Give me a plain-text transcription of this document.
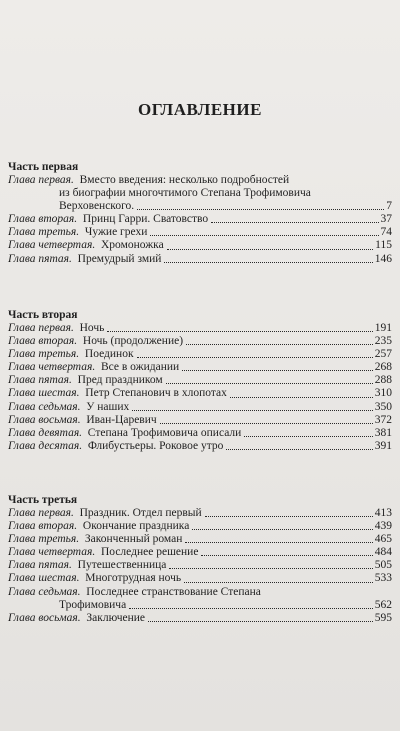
ОГЛАВЛЕНИЕ
Часть первая
Глава первая. Вместо введения: несколько подробностей
из биографии многочтимого Степана Трофимовича
Верховенского.	7
Глава вторая. Принц Гарри. Сватовство	37
Глава третья. Чужие грехи	74
Глава четвертая. Хромоножка	115
Глава пятая. Премудрый змий	146
Часть вторая
Глава первая. Ночь	191
Глава вторая. Ночь (продолжение)	235
Глава третья. Поединок	257
Глава четвертая. Все в ожидании	268
Глава пятая. Пред праздником	288
Глава шестая. Петр Степанович в хлопотах	310
Глава седьмая. У наших	350
Глава восьмая. Иван-Царевич	372
Глава девятая. Степана Трофимовича описали	381
Глава десятая. Флибустьеры. Роковое утро	391
Часть третья
Глава первая. Праздник. Отдел первый	413
Глава вторая. Окончание праздника	439
Глава третья. Законченный роман	465
Глава четвертая. Последнее решение	484
Глава пятая. Путешественница	505
Глава шестая. Многотрудная ночь	533
Глава седьмая. Последнее странствование Степана
Трофимовича	562
Глава восьмая. Заключение	595
